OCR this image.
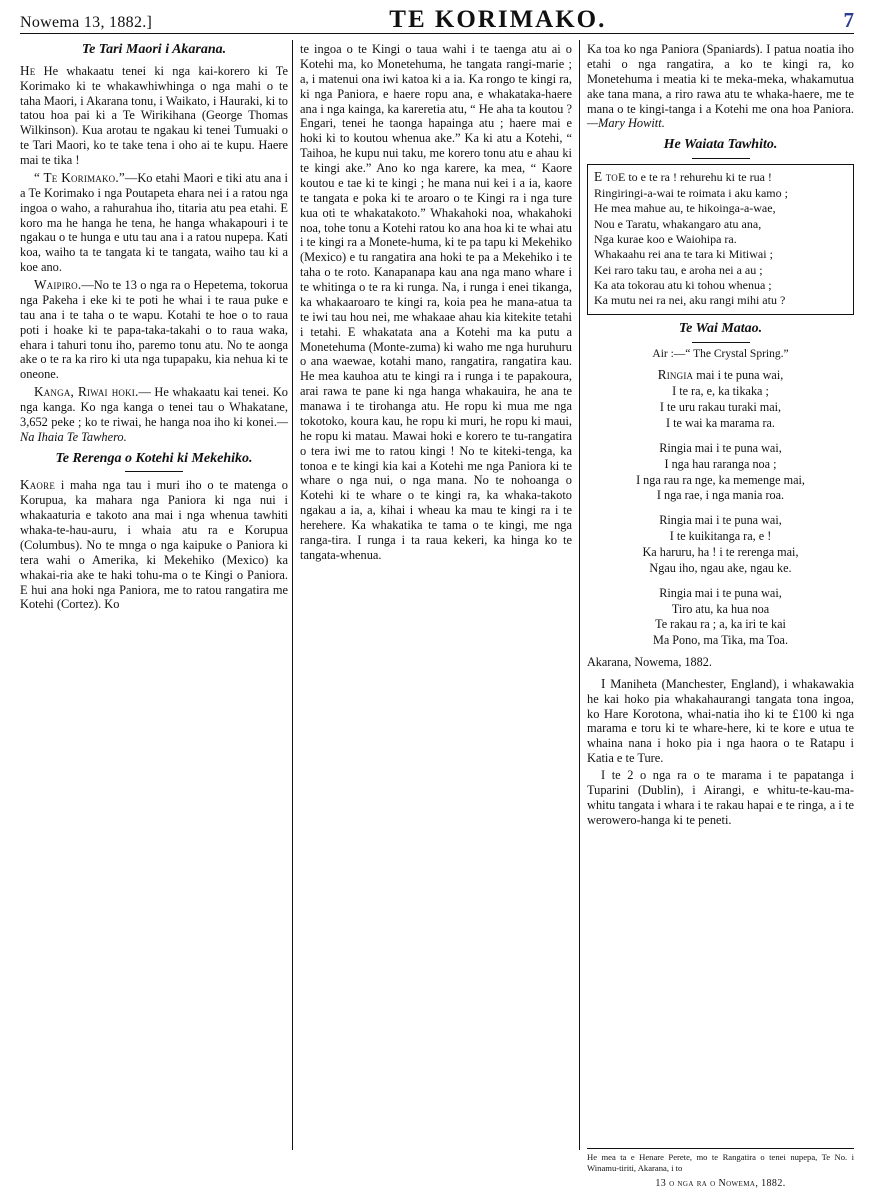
Nowema 13, 1882.]	TE KORIMAKO.	7
Te Tari Maori i Akarana.

He He whakaatu tenei ki nga kai-korero ki Te Korimako ki te whakawhiwhinga o nga mahi o te taha Maori, i Akarana tonu, i Waikato, i Hauraki, ki to tatou hoa pai ki a Te Wirikihana (George Thomas Wilkinson). Kua arotau te ngakau ki tenei Tumuaki o te Tari Maori, ko te take tena i oho ai te kupu. Haere mai te tika !

“ Te Korimako.”—Ko etahi Maori e tiki atu ana i a Te Korimako i nga Poutapeta ehara nei i a ratou nga ingoa o waho, a rahurahua iho, titaria atu pea etahi. E koro ma he hanga he tena, he hanga whakapouri i te ngakau o te hunga e utu tau ana i a ratou nupepa. Kati koa, waiho ta te tangata ki te tangata, waiho tau ki a koe ano.

Waipiro.—No te 13 o nga ra o Hepetema, tokorua nga Pakeha i eke ki te poti he whai i te raua puke e tau ana i te taha o te wapu. Kotahi te hoe o to raua poti i hoake ki te papa-taka-takahi o to raua waka, ehara i tahuri tonu iho, paremo tonu atu. No te aonga ake o te ra ka riro ki uta nga tupapaku, kia nehua ki te oneone.

Kanga, Riwai hoki.— He whakaatu kai tenei. Ko nga kanga. Ko nga kanga o tenei tau o Whakatane, 3,652 peke ; ko te riwai, he hanga noa iho ki konei.—Na Ihaia Te Tawhero.

Te Rerenga o Kotehi ki Mekehiko.

Kaore i maha nga tau i muri iho o te matenga o Korupua, ka mahara nga Paniora ki nga nui i whakaaturia e takoto ana mai i nga whenua tawhiti whaka-te-hau-auru, i whaia atu ra e Korupua (Columbus). No te mnga o nga kaipuke o Paniora ki tera wahi o Amerika, ki Mekehiko (Mexico) ka whakai-ria ake te haki tohu-ma o te Kingi o Paniora. E hui ana hoki nga Paniora, me to ratou rangatira me Kotehi (Cortez). Ko

te ingoa o te Kingi o taua wahi i te taenga atu ai o Kotehi ma, ko Monetehuma, he tangata rangi-marie ; a, i matenui ona iwi katoa ki a ia. Ka rongo te kingi ra, ki nga Paniora, e haere ropu ana, e whakataka-haere ana i nga kainga, ka kareretia atu, “ He aha ta koutou ? Engari, tenei he taonga hapainga atu ; haere mai e hoki ki to koutou whenua ake.” Ka ki atu a Kotehi, “ Taihoa, he kupu nui taku, me korero tonu atu e ahau ki te kingi ake.” Ano ko nga karere, ka mea, “ Kaore koutou e tae ki te kingi ; he mana nui kei i a ia, kaore te tangata e poka ki te aroaro o te Kingi ra i nga ture kua oti te whakatakoto.” Whakahoki noa, whakahoki noa, tohe tonu a Kotehi ratou ko ana hoa ki te whai atu i te kingi ra a Monete-huma, ki te pa tapu ki Mekehiko (Mexico) e tu rangatira ana hoki te pa a Mekehiko i te taha o te roto. Kanapanapa kau ana nga mano whare i te whitinga o te ra ki runga. Na, i runga i enei tikanga, ka whakaaroaro te kingi ra, koia pea he mana-atua ta te iwi tau hou nei, me whakaae ahau kia kitekite tetahi i tetahi. E whakatata ana a Kotehi ma ka putu a Monetehuma (Monte-zuma) ki waho me nga huruhuru o ana waewae, kotahi mano, rangatira, rangatira kau. He mea kauhoa atu te kingi ra i runga i te papakoura, arai rawa te pane ki nga hanga whakauira, he ana te manawa i te tirohanga atu. He ropu ki mua me nga tokotoko, koura kau, he ropu ki muri, he ropu ki maui, he ropu ki matau. Mawai hoki e korero te tu-rangatira o tera iwi me to ratou kingi ! No te kiteki-tenga, ka tonoa e te kingi kia kai a Kotehi me nga Paniora ki te whare o nga nui, o nga mana. No te nohoanga o Kotehi ki te whare o te kingi ra, ka whaka-takoto ngakau a ia, a, kihai i wheau ka mau te kingi ra i te herehere. Ka whakatika te tama o te kingi, me nga ranga-tira. I runga i ta raua kekeri, ka hinga ko te tangata-whenua.

Ka toa ko nga Paniora (Spaniards). I patua noatia iho etahi o nga rangatira, a ko te kingi ra, ko Monetehuma i meatia ki te meka-meka, whakamutua ake tana mana, a riro rawa atu te whaka-haere, me te mana o te kingi-tanga i a Kotehi me ona hoa Paniora.—Mary Howitt.

He Waiata Tawhito.
E toE to e te ra ! rehurehu ki te rua !
Ringiringi-a-wai te roimata i aku kamo ;
He mea mahue au, te hikoinga-a-wae,
Nou e Taratu, whakangaro atu ana,
Nga kurae koo e Waiohipa ra.
Whakaahu rei ana te tara ki Mitiwai ;
Kei raro taku tau, e aroha nei a au ;
Ka ata tokorau atu ki tohou whenua ;
Ka mutu nei ra nei, aku rangi mihi atu ?
Te Wai Matao.
Air :—“ The Crystal Spring.”
Ringia mai i te puna wai,
I te ra, e, ka tikaka ;
I te uru rakau turaki mai,
I te wai ka marama ra.
Ringia mai i te puna wai,
I nga hau raranga noa ;
I nga rau ra nge, ka memenge mai,
I nga rae, i nga mania roa.
Ringia mai i te puna wai,
I te kuikitanga ra, e !
Ka haruru, ha ! i te rerenga mai,
Ngau iho, ngau ake, ngau ke.
Ringia mai i te puna wai,
Tiro atu, ka hua noa
Te rakau ra ; a, ka iri te kai
Ma Pono, ma Tika, ma Toa.
Akarana, Nowema, 1882.

I Maniheta (Manchester, England), i whakawakia he kai hoko pia whakahaurangi tangata tona ingoa, ko Hare Korotona, whai-natia iho ki te £100 ki nga marama e toru ki te whare-here, ki te kore e utua te whaina nana i hoko pia i nga haora o te Ratapu i Katia e te Ture.

I te 2 o nga ra o te marama i te papatanga i Tuparini (Dublin), i Airangi, e whitu-te-kau-ma-whitu tangata i whara i te rakau hapai e te ringa, a i te werowero-hanga ki te peneti.

He mea ta e Henare Perete, mo te Rangatira o tenei nupepa, Te No. i Winamu-tiriti, Akarana, i to
13 o nga ra o Nowema, 1882.
